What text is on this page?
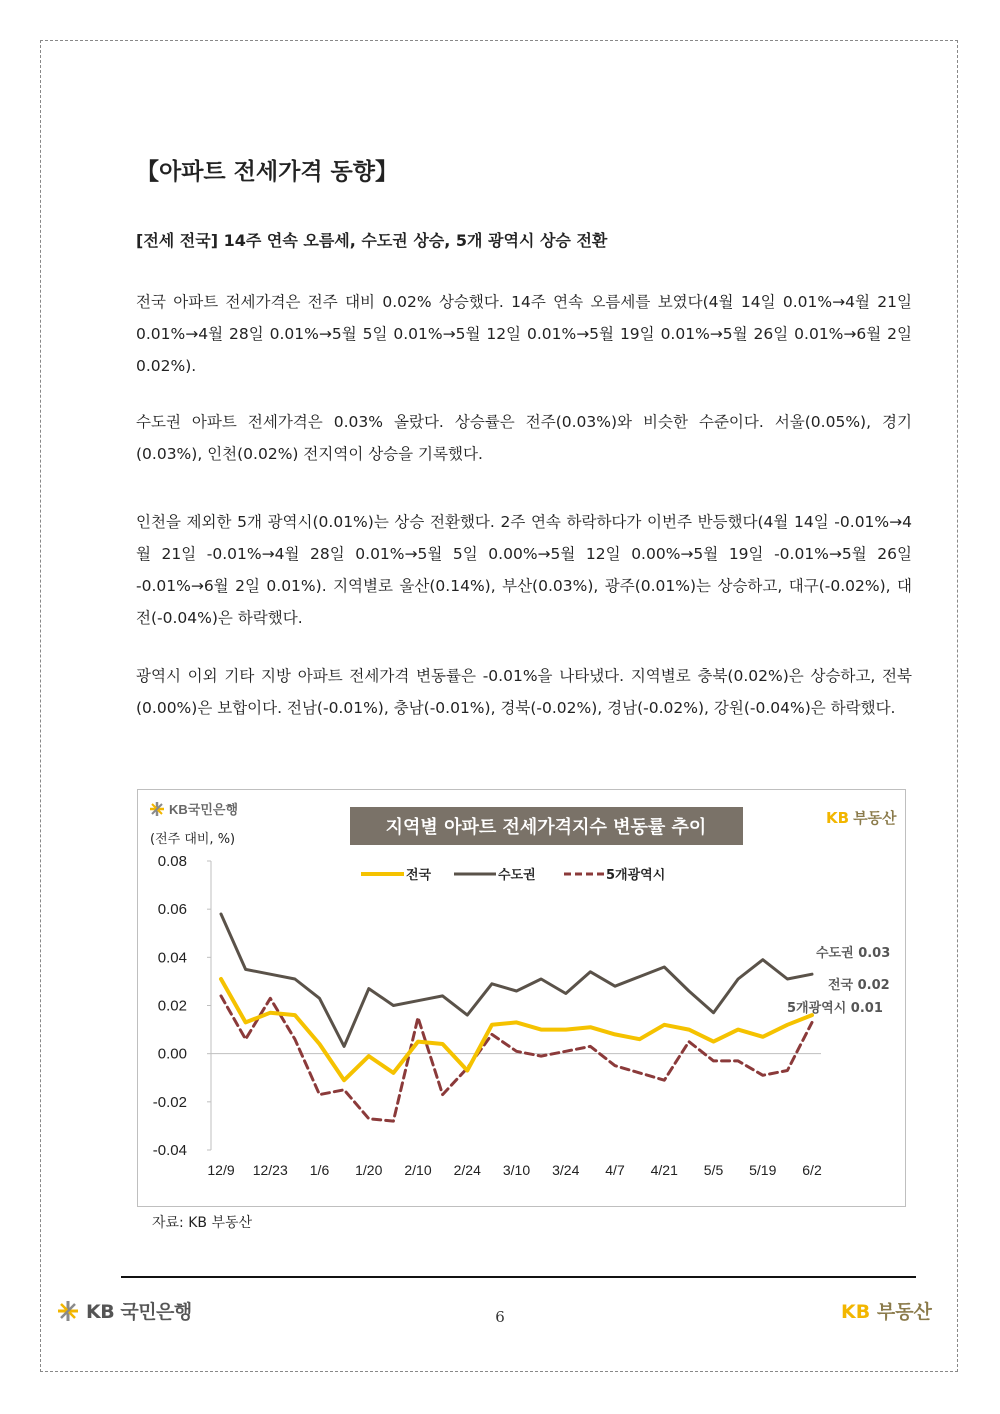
【아파트 전세가격 동향】
[전세 전국] 14주 연속 오름세, 수도권 상승, 5개 광역시 상승 전환
전국 아파트 전세가격은 전주 대비 0.02% 상승했다. 14주 연속 오름세를 보였다(4월 14일 0.01%→4월 21일 0.01%→4월 28일 0.01%→5월 5일 0.01%→5월 12일 0.01%→5월 19일 0.01%→5월 26일 0.01%→6월 2일 0.02%).
수도권 아파트 전세가격은 0.03% 올랐다. 상승률은 전주(0.03%)와 비슷한 수준이다. 서울(0.05%), 경기(0.03%), 인천(0.02%) 전지역이 상승을 기록했다.
인천을 제외한 5개 광역시(0.01%)는 상승 전환했다. 2주 연속 하락하다가 이번주 반등했다(4월 14일 -0.01%→4월 21일 -0.01%→4월 28일 0.01%→5월 5일 0.00%→5월 12일 0.00%→5월 19일 -0.01%→5월 26일 -0.01%→6월 2일 0.01%). 지역별로 울산(0.14%), 부산(0.03%), 광주(0.01%)는 상승하고, 대구(-0.02%), 대전(-0.04%)은 하락했다.
광역시 이외 기타 지방 아파트 전세가격 변동률은 -0.01%을 나타냈다. 지역별로 충북(0.02%)은 상승하고, 전북(0.00%)은 보합이다. 전남(-0.01%), 충남(-0.01%), 경북(-0.02%), 경남(-0.02%), 강원(-0.04%)은 하락했다.
KB국민은행	KB 부동산
지역별 아파트 전세가격지수 변동률 추이
(전주 대비, %)
전국	수도권	5개광역시
0.08
0.06
0.04
0.02
0.00
-0.02
-0.04
12/9 12/23 1/6 1/20 2/10 2/24 3/10 3/24 4/7 4/21 5/5 5/19 6/2
수도권 0.03
전국 0.02
5개광역시 0.01
자료: KB 부동산
KB 국민은행	6	KB 부동산
